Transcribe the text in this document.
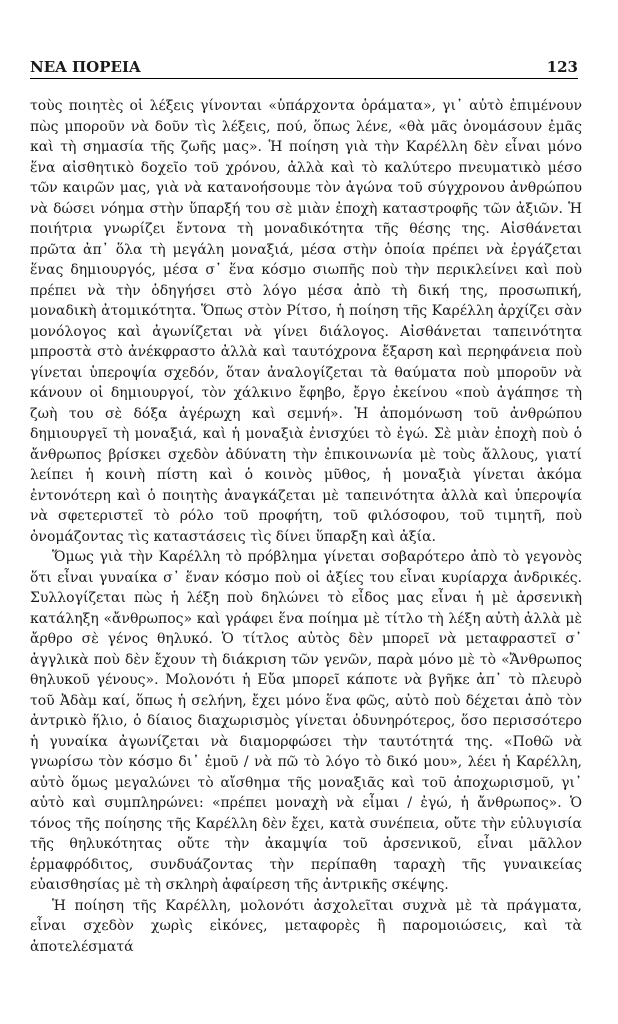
ΝΕΑ ΠΟΡΕΙΑ	123

τοὺς ποιητὲς οἱ λέξεις γίνονται «ὑπάρχοντα ὁράματα», γι᾽ αὐτὸ ἐπιμένουν πὼς μποροῦν νὰ δοῦν τὶς λέξεις, πού, ὅπως λένε, «θὰ μᾶς ὀνομάσουν ἐμᾶς καὶ τὴ σημασία τῆς ζωῆς μας». Ἡ ποίηση γιὰ τὴν Καρέλλη δὲν εἶναι μόνο ἕνα αἰσθητικὸ δοχεῖο τοῦ χρόνου, ἀλλὰ καὶ τὸ καλύτερο πνευματικὸ μέσο τῶν καιρῶν μας, γιὰ νὰ κατανοήσουμε τὸν ἀγώνα τοῦ σύγχρονου ἀνθρώπου νὰ δώσει νόημα στὴν ὕπαρξή του σὲ μιὰν ἐποχὴ καταστροφῆς τῶν ἀξιῶν. Ἡ ποιήτρια γνωρίζει ἔντονα τὴ μοναδικότητα τῆς θέσης της. Αἰσθάνεται πρῶτα ἀπ᾽ ὅλα τὴ μεγάλη μοναξιά, μέσα στὴν ὁποία πρέπει νὰ ἐργάζεται ἕνας δημιουργός, μέσα σ᾽ ἕνα κόσμο σιωπῆς ποὺ τὴν περικλείνει καὶ ποὺ πρέπει νὰ τὴν ὁδηγήσει στὸ λόγο μέσα ἀπὸ τὴ δική της, προσωπική, μοναδικὴ ἀτομικότητα. Ὅπως στὸν Ρίτσο, ἡ ποίηση τῆς Καρέλλη ἀρχίζει σὰν μονόλογος καὶ ἀγωνίζεται νὰ γίνει διάλογος. Αἰσθάνεται ταπεινότητα μπροστὰ στὸ ἀνέκφραστο ἀλλὰ καὶ ταυτόχρονα ἔξαρση καὶ περηφάνεια ποὺ γίνεται ὑπεροψία σχεδόν, ὅταν ἀναλογίζεται τὰ θαύματα ποὺ μποροῦν νὰ κάνουν οἱ δημιουργοί, τὸν χάλκινο ἔφηβο, ἔργο ἐκείνου «ποὺ ἀγάπησε τὴ ζωὴ του σὲ δόξα ἀγέρωχη καὶ σεμνή». Ἡ ἀπομόνωση τοῦ ἀνθρώπου δημιουργεῖ τὴ μοναξιά, καὶ ἡ μοναξιὰ ἐνισχύει τὸ ἐγώ. Σὲ μιὰν ἐποχὴ ποὺ ὁ ἄνθρωπος βρίσκει σχεδὸν ἀδύνατη τὴν ἐπικοινωνία μὲ τοὺς ἄλλους, γιατί λείπει ἡ κοινὴ πίστη καὶ ὁ κοινὸς μῦθος, ἡ μοναξιὰ γίνεται ἀκόμα ἐντονότερη καὶ ὁ ποιητὴς ἀναγκάζεται μὲ ταπεινότητα ἀλλὰ καὶ ὑπεροψία νὰ σφετεριστεῖ τὸ ρόλο τοῦ προφήτη, τοῦ φιλόσοφου, τοῦ τιμητῆ, ποὺ ὀνομάζοντας τὶς καταστάσεις τὶς δίνει ὕπαρξη καὶ ἀξία.

Ὅμως γιὰ τὴν Καρέλλη τὸ πρόβλημα γίνεται σοβαρότερο ἀπὸ τὸ γεγονὸς ὅτι εἶναι γυναίκα σ᾽ ἕναν κόσμο ποὺ οἱ ἀξίες του εἶναι κυρίαρχα ἀνδρικές. Συλλογίζεται πὼς ἡ λέξη ποὺ δηλώνει τὸ εἶδος μας εἶναι ἡ μὲ ἀρσενικὴ κατάληξη «ἄνθρωπος» καὶ γράφει ἕνα ποίημα μὲ τίτλο τὴ λέξη αὐτὴ ἀλλὰ μὲ ἄρθρο σὲ γένος θηλυκό. Ὁ τίτλος αὐτὸς δὲν μπορεῖ νὰ μεταφραστεῖ σ᾽ ἀγγλικὰ ποὺ δὲν ἔχουν τὴ διάκριση τῶν γενῶν, παρὰ μόνο μὲ τὸ «Ἄνθρωπος θηλυκοῦ γένους». Μολονότι ἡ Εὔα μπορεῖ κάποτε νὰ βγῆκε ἀπ᾽ τὸ πλευρὸ τοῦ Ἀδὰμ καί, ὅπως ἡ σελήνη, ἔχει μόνο ἕνα φῶς, αὐτὸ ποὺ δέχεται ἀπὸ τὸν ἀντρικὸ ἥλιο, ὁ δίαιος διαχωρισμὸς γίνεται ὀδυνηρότερος, ὅσο περισσότερο ἡ γυναίκα ἀγωνίζεται νὰ διαμορφώσει τὴν ταυτότητά της. «Ποθῶ νὰ γνωρίσω τὸν κόσμο δι᾽ ἐμοῦ / νὰ πῶ τὸ λόγο τὸ δικό μου», λέει ἡ Καρέλλη, αὐτὸ ὅμως μεγαλώνει τὸ αἴσθημα τῆς μοναξιᾶς καὶ τοῦ ἀποχωρισμοῦ, γι᾽ αὐτὸ καὶ συμπληρώνει: «πρέπει μοναχὴ νὰ εἶμαι / ἐγώ, ἡ ἄνθρωπος». Ὁ τόνος τῆς ποίησης τῆς Καρέλλη δὲν ἔχει, κατὰ συνέπεια, οὔτε τὴν εὐλυγισία τῆς θηλυκότητας οὔτε τὴν ἀκαμψία τοῦ ἀρσενικοῦ, εἶναι μᾶλλον ἑρμαφρόδιτος, συνδυάζοντας τὴν περίπαθη ταραχὴ τῆς γυναικείας εὐαισθησίας μὲ τὴ σκληρὴ ἀφαίρεση τῆς ἀντρικῆς σκέψης.

Ἡ ποίηση τῆς Καρέλλη, μολονότι ἀσχολεῖται συχνὰ μὲ τὰ πράγματα, εἶναι σχεδὸν χωρὶς εἰκόνες, μεταφορὲς ἢ παρομοιώσεις, καὶ τὰ ἀποτελέσματά
